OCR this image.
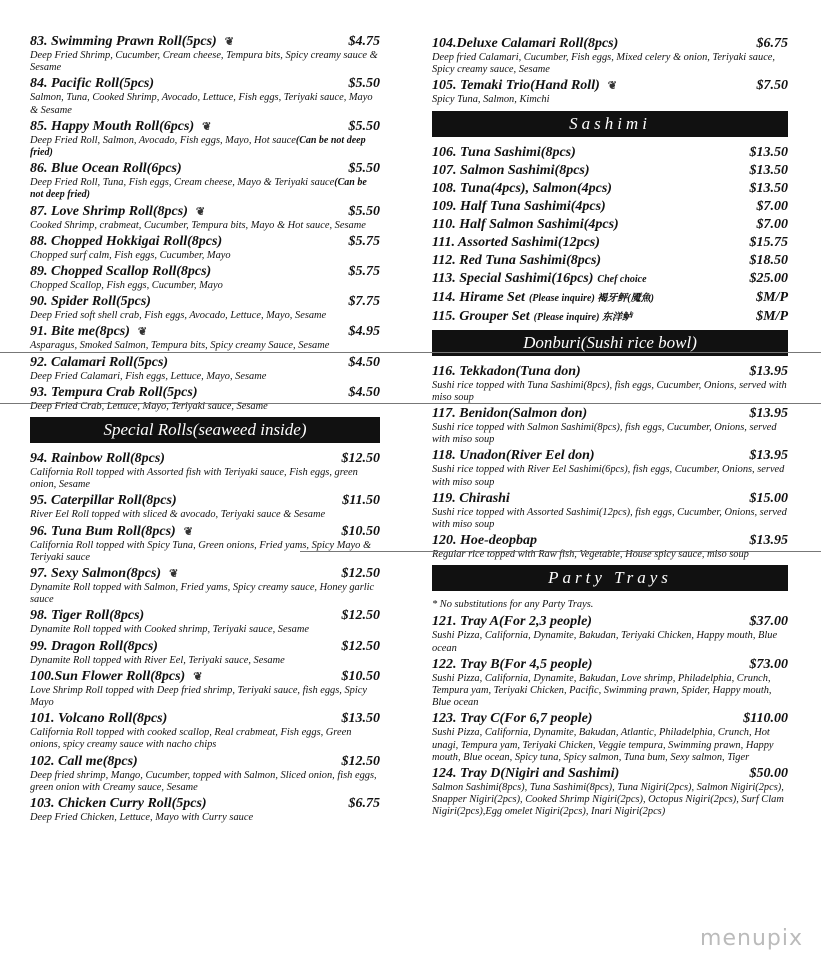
83. Swimming Prawn Roll(5pcs) ❦	$4.75
Deep Fried Shrimp, Cucumber, Cream cheese, Tempura bits, Spicy creamy sauce & Sesame
84. Pacific Roll(5pcs)	$5.50
Salmon, Tuna, Cooked Shrimp, Avocado, Lettuce, Fish eggs, Teriyaki sauce, Mayo & Sesame
85. Happy Mouth Roll(6pcs) ❦	$5.50
Deep Fried Roll, Salmon, Avocado, Fish eggs, Mayo, Hot sauce(Can be not deep fried)
86. Blue Ocean Roll(6pcs)	$5.50
Deep Fried Roll, Tuna, Fish eggs, Cream cheese, Mayo & Teriyaki sauce(Can be not deep fried)
87. Love Shrimp Roll(8pcs) ❦	$5.50
Cooked Shrimp, crabmeat, Cucumber, Tempura bits, Mayo & Hot sauce, Sesame
88. Chopped Hokkigai Roll(8pcs)	$5.75
Chopped surf calm, Fish eggs, Cucumber, Mayo
89. Chopped Scallop Roll(8pcs)	$5.75
Chopped Scallop, Fish eggs, Cucumber, Mayo
90. Spider Roll(5pcs)	$7.75
Deep Fried soft shell crab, Fish eggs, Avocado, Lettuce, Mayo, Sesame
91. Bite me(8pcs) ❦	$4.95
Asparagus, Smoked Salmon, Tempura bits, Spicy creamy Sauce, Sesame
92. Calamari Roll(5pcs)	$4.50
Deep Fried Calamari, Fish eggs, Lettuce, Mayo, Sesame
93. Tempura Crab Roll(5pcs)	$4.50
Deep Fried Crab, Lettuce, Mayo, Teriyaki sauce, Sesame
Special Rolls(seaweed inside)
94. Rainbow Roll(8pcs)	$12.50
California Roll topped with Assorted fish with Teriyaki sauce, Fish eggs, green onion, Sesame
95. Caterpillar Roll(8pcs)	$11.50
River Eel Roll topped with sliced & avocado, Teriyaki sauce & Sesame
96. Tuna Bum Roll(8pcs) ❦	$10.50
California Roll topped with Spicy Tuna, Green onions, Fried yams, Spicy Mayo & Teriyaki sauce
97. Sexy Salmon(8pcs) ❦	$12.50
Dynamite Roll topped with Salmon, Fried yams, Spicy creamy sauce, Honey garlic sauce
98. Tiger Roll(8pcs)	$12.50
Dynamite Roll topped with Cooked shrimp, Teriyaki sauce, Sesame
99. Dragon Roll(8pcs)	$12.50
Dynamite Roll topped with River Eel, Teriyaki sauce, Sesame
100.Sun Flower Roll(8pcs) ❦	$10.50
Love Shrimp Roll topped with Deep fried shrimp, Teriyaki sauce, fish eggs, Spicy Mayo
101. Volcano Roll(8pcs)	$13.50
California Roll topped with cooked scallop, Real crabmeat, Fish eggs, Green onions, spicy creamy sauce with nacho chips
102. Call me(8pcs)	$12.50
Deep fried shrimp, Mango, Cucumber, topped with Salmon, Sliced onion, fish eggs, green onion with Creamy sauce, Sesame
103. Chicken Curry Roll(5pcs)	$6.75
Deep Fried Chicken, Lettuce, Mayo with Curry sauce
104.Deluxe Calamari Roll(8pcs)	$6.75
Deep fried Calamari, Cucumber, Fish eggs, Mixed celery & onion, Teriyaki sauce, Spicy creamy sauce, Sesame
105. Temaki Trio(Hand Roll) ❦	$7.50
Spicy Tuna, Salmon, Kimchi
Sashimi
106. Tuna Sashimi(8pcs)	$13.50
107. Salmon Sashimi(8pcs)	$13.50
108. Tuna(4pcs), Salmon(4pcs)	$13.50
109. Half Tuna Sashimi(4pcs)	$7.00
110. Half Salmon Sashimi(4pcs)	$7.00
111. Assorted Sashimi(12pcs)	$15.75
112. Red Tuna Sashimi(8pcs)	$18.50
113. Special Sashimi(16pcs) Chef choice	$25.00
114. Hirame Set (Please inquire) 褐牙鲆(魇魚)	$M/P
115. Grouper Set (Please inquire) 东洋鲈	$M/P
Donburi(Sushi rice bowl)
116. Tekkadon(Tuna don)	$13.95
Sushi rice topped with Tuna Sashimi(8pcs), fish eggs, Cucumber, Onions, served with miso soup
117. Benidon(Salmon don)	$13.95
Sushi rice topped with Salmon Sashimi(8pcs), fish eggs, Cucumber, Onions, served with miso soup
118. Unadon(River Eel don)	$13.95
Sushi rice topped with River Eel Sashimi(6pcs), fish eggs, Cucumber, Onions, served with miso soup
119. Chirashi	$15.00
Sushi rice topped with Assorted Sashimi(12pcs), fish eggs, Cucumber, Onions, served with miso soup
120. Hoe-deopbap	$13.95
Regular rice topped with Raw fish, Vegetable, House spicy sauce, miso soup
Party Trays
* No substitutions for any Party Trays.
121. Tray A(For 2,3 people)	$37.00
Sushi Pizza, California, Dynamite, Bakudan, Teriyaki Chicken, Happy mouth, Blue ocean
122. Tray B(For 4,5 people)	$73.00
Sushi Pizza, California, Dynamite, Bakudan, Love shrimp, Philadelphia, Crunch, Tempura yam, Teriyaki Chicken, Pacific, Swimming prawn, Spider, Happy mouth, Blue ocean
123. Tray C(For 6,7 people)	$110.00
Sushi Pizza, California, Dynamite, Bakudan, Atlantic, Philadelphia, Crunch, Hot unagi, Tempura yam, Teriyaki Chicken, Veggie tempura, Swimming prawn, Happy mouth, Blue ocean, Spicy tuna, Spicy salmon, Tuna bum, Sexy salmon, Tiger
124. Tray D(Nigiri and Sashimi)	$50.00
Salmon Sashimi(8pcs), Tuna Sashimi(8pcs), Tuna Nigiri(2pcs), Salmon Nigiri(2pcs), Snapper Nigiri(2pcs), Cooked Shrimp Nigiri(2pcs), Octopus Nigiri(2pcs), Surf Clam Nigiri(2pcs),Egg omelet Nigiri(2pcs), Inari Nigiri(2pcs)
menupix
